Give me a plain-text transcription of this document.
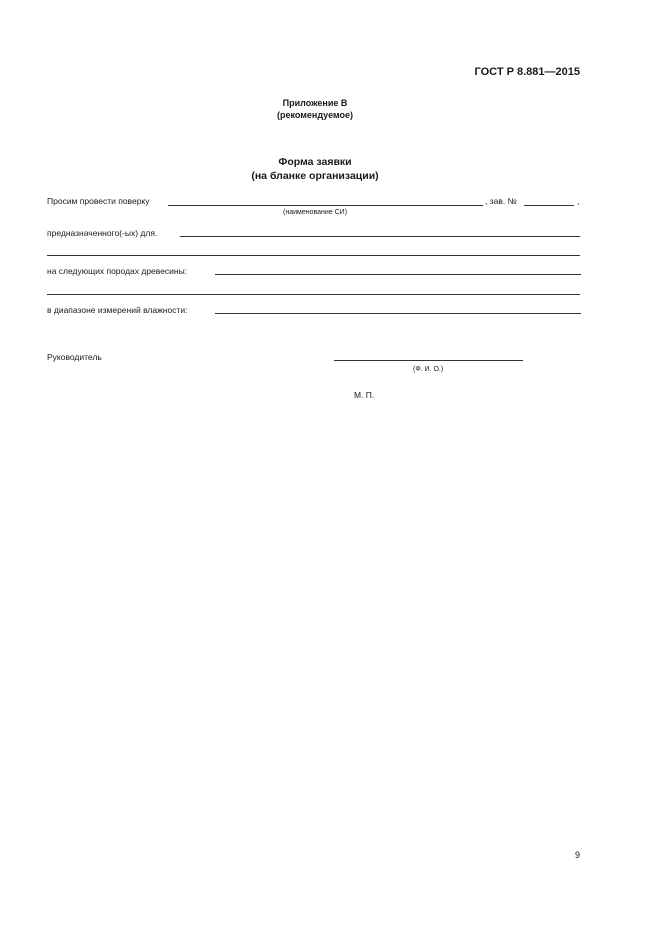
ГОСТ Р 8.881—2015
Приложение В
(рекомендуемое)
Форма заявки
(на бланке организации)
Просим провести поверку	, зав. №	,
(наименование СИ)
предназначенного(-ых) для.
на следующих породах древесины:
в диапазоне измерений влажности:
Руководитель
(Ф. И. О.)
М. П.
9
